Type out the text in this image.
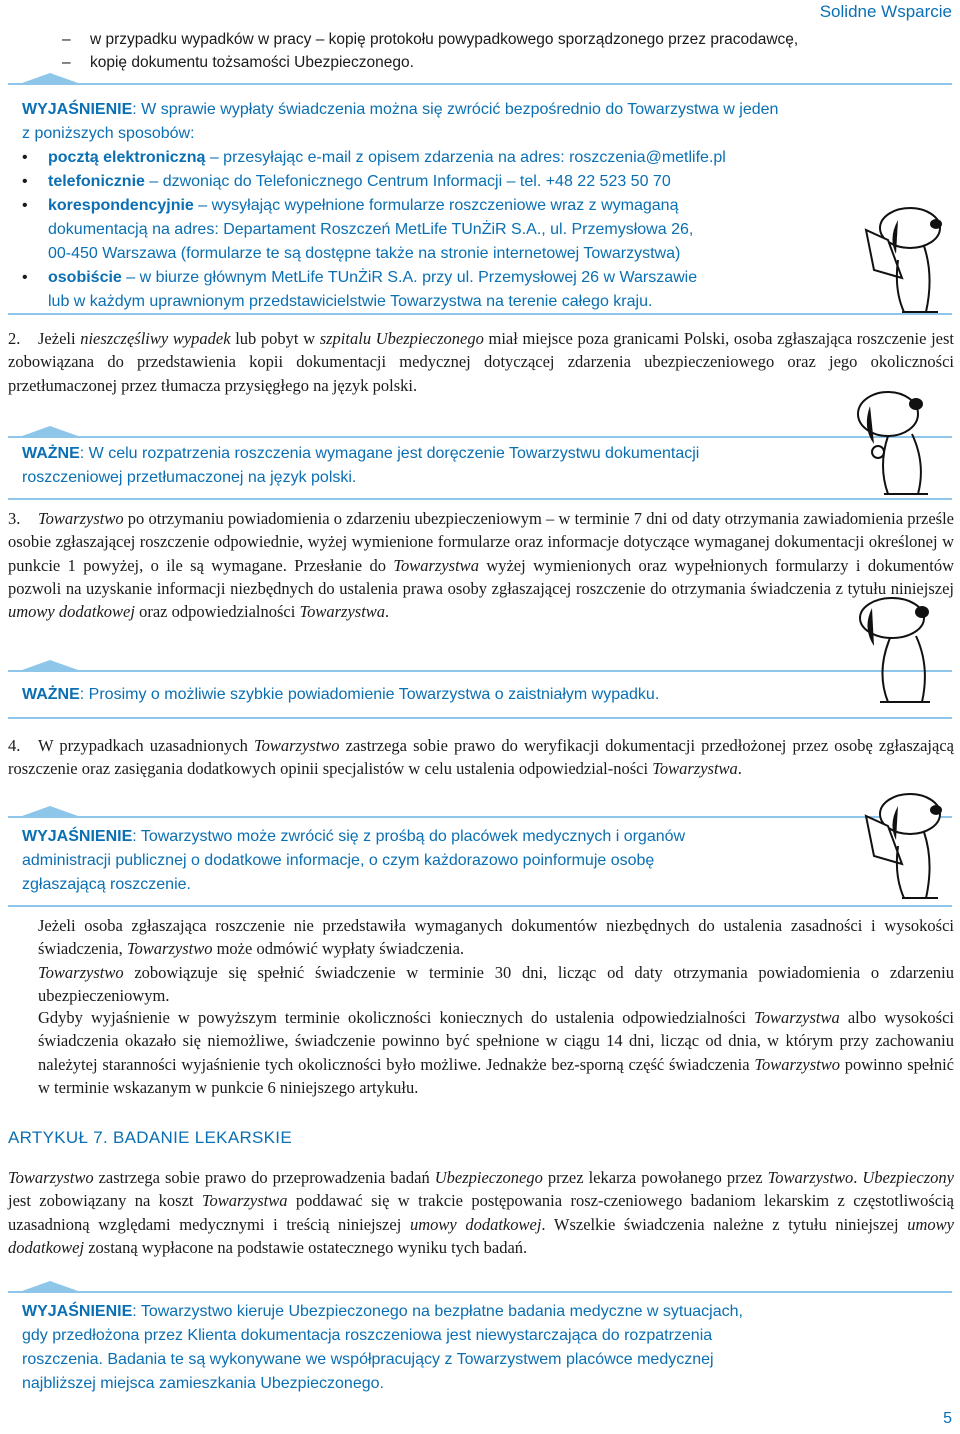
Solidne Wsparcie
– w przypadku wypadków w pracy – kopię protokołu powypadkowego sporządzonego przez pracodawcę,
– kopię dokumentu tożsamości Ubezpieczonego.
WYJAŚNIENIE: W sprawie wypłaty świadczenia można się zwrócić bezpośrednio do Towarzystwa w jeden
z poniższych sposobów:
• pocztą elektroniczną – przesyłając e-mail z opisem zdarzenia na adres: roszczenia@metlife.pl
• telefonicznie – dzwoniąc do Telefonicznego Centrum Informacji – tel. +48 22 523 50 70
• korespondencyjnie – wysyłając wypełnione formularze roszczeniowe wraz z wymaganą
dokumentacją na adres: Departament Roszczeń MetLife TUnŻiR S.A., ul. Przemysłowa 26,
00-450 Warszawa (formularze te są dostępne także na stronie internetowej Towarzystwa)
• osobiście – w biurze głównym MetLife TUnŻiR S.A. przy ul. Przemysłowej 26 w Warszawie
lub w każdym uprawnionym przedstawicielstwie Towarzystwa na terenie całego kraju.
2. Jeżeli nieszczęśliwy wypadek lub pobyt w szpitalu Ubezpieczonego miał miejsce poza granicami Polski, osoba zgłaszająca roszczenie jest zobowiązana do przedstawienia kopii dokumentacji medycznej dotyczącej zdarzenia ubezpieczeniowego oraz jego okoliczności przetłumaczonej przez tłumacza przysięgłego na język polski.
WAŻNE: W celu rozpatrzenia roszczenia wymagane jest doręczenie Towarzystwu dokumentacji
roszczeniowej przetłumaczonej na język polski.
3. Towarzystwo po otrzymaniu powiadomienia o zdarzeniu ubezpieczeniowym – w terminie 7 dni od daty otrzymania zawiadomienia prześle osobie zgłaszającej roszczenie odpowiednie, wyżej wymienione formularze oraz informacje dotyczące wymaganej dokumentacji określonej w punkcie 1 powyżej, o ile są wymagane. Przesłanie do Towarzystwa wyżej wymienionych oraz wypełnionych formularzy i dokumentów pozwoli na uzyskanie informacji niezbędnych do ustalenia prawa osoby zgłaszającej roszczenie do otrzymania świadczenia z tytułu niniejszej umowy dodatkowej oraz odpowiedzialności Towarzystwa.
WAŻNE: Prosimy o możliwie szybkie powiadomienie Towarzystwa o zaistniałym wypadku.
4. W przypadkach uzasadnionych Towarzystwo zastrzega sobie prawo do weryfikacji dokumentacji przedłożonej przez osobę zgłaszającą roszczenie oraz zasięgania dodatkowych opinii specjalistów w celu ustalenia odpowiedzial-ności Towarzystwa.
WYJAŚNIENIE: Towarzystwo może zwrócić się z prośbą do placówek medycznych i organów
administracji publicznej o dodatkowe informacje, o czym każdorazowo poinformuje osobę
zgłaszającą roszczenie.
Jeżeli osoba zgłaszająca roszczenie nie przedstawiła wymaganych dokumentów niezbędnych do ustalenia zasadności i wysokości świadczenia, Towarzystwo może odmówić wypłaty świadczenia.
Towarzystwo zobowiązuje się spełnić świadczenie w terminie 30 dni, licząc od daty otrzymania powiadomienia o zdarzeniu ubezpieczeniowym.
Gdyby wyjaśnienie w powyższym terminie okoliczności koniecznych do ustalenia odpowiedzialności Towarzystwa albo wysokości świadczenia okazało się niemożliwe, świadczenie powinno być spełnione w ciągu 14 dni, licząc od dnia, w którym przy zachowaniu należytej staranności wyjaśnienie tych okoliczności było możliwe. Jednakże bez-sporną część świadczenia Towarzystwo powinno spełnić w terminie wskazanym w punkcie 6 niniejszego artykułu.
ARTYKUŁ 7. BADANIE LEKARSKIE
Towarzystwo zastrzega sobie prawo do przeprowadzenia badań Ubezpieczonego przez lekarza powołanego przez Towarzystwo. Ubezpieczony jest zobowiązany na koszt Towarzystwa poddawać się w trakcie postępowania rosz-czeniowego badaniom lekarskim z częstotliwością uzasadnioną względami medycznymi i treścią niniejszej umowy dodatkowej. Wszelkie świadczenia należne z tytułu niniejszej umowy dodatkowej zostaną wypłacone na podstawie ostatecznego wyniku tych badań.
WYJAŚNIENIE: Towarzystwo kieruje Ubezpieczonego na bezpłatne badania medyczne w sytuacjach,
gdy przedłożona przez Klienta dokumentacja roszczeniowa jest niewystarczająca do rozpatrzenia
roszczenia. Badania te są wykonywane we współpracujący z Towarzystwem placówce medycznej
najbliższej miejsca zamieszkania Ubezpieczonego.
5
